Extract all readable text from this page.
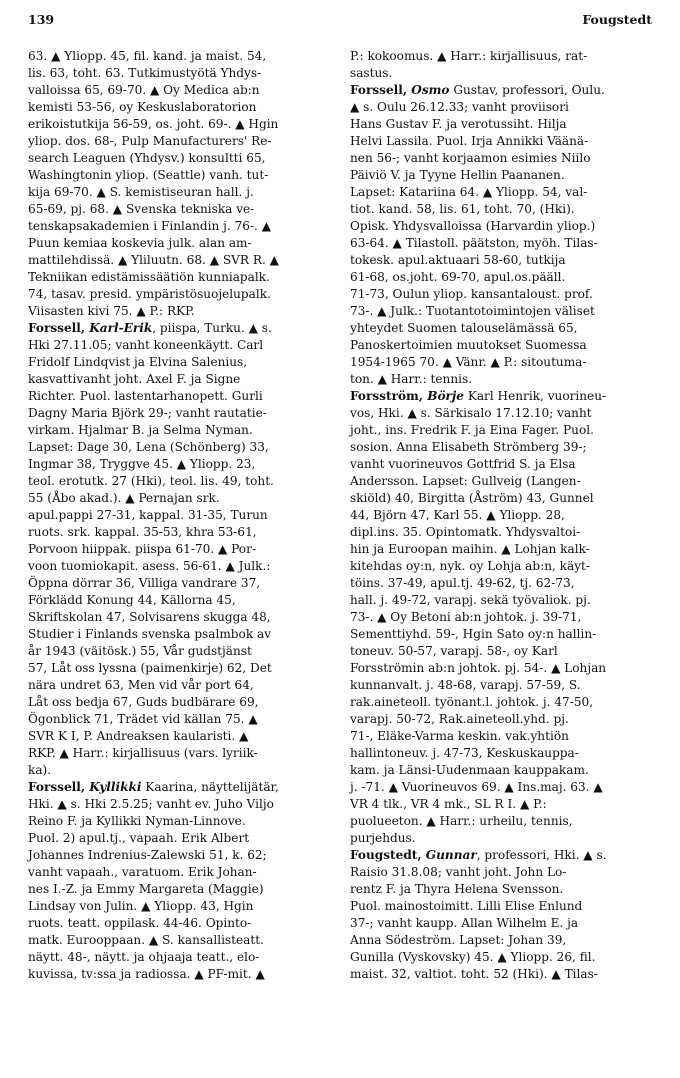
139	Fougstedt
63. ▲ Yliopp. 45, fil. kand. ja maist. 54,
lis. 63, toht. 63. Tutkimustyötä Yhdys-
valloissa 65, 69-70. ▲ Oy Medica ab:n
kemisti 53-56, oy Keskuslaboratorion
erikoistutkija 56-59, os. joht. 69-. ▲ Hgin
yliop. dos. 68-, Pulp Manufacturers' Re-
search Leaguen (Yhdysv.) konsultti 65,
Washingtonin yliop. (Seattle) vanh. tut-
kija 69-70. ▲ S. kemistiseuran hall. j.
65-69, pj. 68. ▲ Svenska tekniska ve-
tenskapsakademien i Finlandin j. 76-. ▲
Puun kemiaa koskevia julk. alan am-
mattilehdissä. ▲ Yliluutn. 68. ▲ SVR R. ▲
Tekniikan edistämissäätiön kunniapalk.
74, tasav. presid. ympäristösuojelupalk.
Viisasten kivi 75. ▲ P.: RKP.
Forssell, Karl-Erik, piispa, Turku. ▲ s.
Hki 27.11.05; vanht koneenkäytt. Carl
Fridolf Lindqvist ja Elvina Salenius,
kasvattivanht joht. Axel F. ja Signe
Richter. Puol. lastentarhanopett. Gurli
Dagny Maria Björk 29-; vanht rautatie-
virkam. Hjalmar B. ja Selma Nyman.
Lapset: Dage 30, Lena (Schönberg) 33,
Ingmar 38, Tryggve 45. ▲ Yliopp. 23,
teol. erotutk. 27 (Hki), teol. lis. 49, toht.
55 (Åbo akad.). ▲ Pernajan srk.
apul.pappi 27-31, kappal. 31-35, Turun
ruots. srk. kappal. 35-53, khra 53-61,
Porvoon hiippak. piispa 61-70. ▲ Por-
voon tuomiokapit. asess. 56-61. ▲ Julk.:
Öppna dörrar 36, Villiga vandrare 37,
Förklädd Konung 44, Källorna 45,
Skriftskolan 47, Solvisarens skugga 48,
Studier i Finlands svenska psalmbok av
år 1943 (väitösk.) 55, Vår gudstjänst
57, Låt oss lyssna (paimenkirje) 62, Det
nära undret 63, Men vid vår port 64,
Låt oss bedja 67, Guds budbärare 69,
Ögonblick 71, Trädet vid källan 75. ▲
SVR K I, P. Andreaksen kaularisti. ▲
RKP. ▲ Harr.: kirjallisuus (vars. lyriik-
ka).
Forssell, Kyllikki Kaarina, näyttelijätär,
Hki. ▲ s. Hki 2.5.25; vanht ev. Juho Viljo
Reino F. ja Kyllikki Nyman-Linnove.
Puol. 2) apul.tj., vapaah. Erik Albert
Johannes Indrenius-Zalewski 51, k. 62;
vanht vapaah., varatuom. Erik Johan-
nes I.-Z. ja Emmy Margareta (Maggie)
Lindsay von Julin. ▲ Yliopp. 43, Hgin
ruots. teatt. oppilask. 44-46. Opinto-
matk. Eurooppaan. ▲ S. kansallisteatt.
näytt. 48-, näytt. ja ohjaaja teatt., elo-
kuvissa, tv:ssa ja radiossa. ▲ PF-mit. ▲
P.: kokoomus. ▲ Harr.: kirjallisuus, rat-
sastus.
Forssell, Osmo Gustav, professori, Oulu.
▲ s. Oulu 26.12.33; vanht proviisori
Hans Gustav F. ja verotussiht. Hilja
Helvi Lassila. Puol. Irja Annikki Väänä-
nen 56-; vanht korjaamon esimies Niilo
Päiviö V. ja Tyyne Hellin Paananen.
Lapset: Katariina 64. ▲ Yliopp. 54, val-
tiot. kand. 58, lis. 61, toht. 70, (Hki).
Opisk. Yhdysvalloissa (Harvardin yliop.)
63-64. ▲ Tilastoll. päätston, myöh. Tilas-
tokesk. apul.aktuaari 58-60, tutkija
61-68, os.joht. 69-70, apul.os.pääll.
71-73, Oulun yliop. kansantaloust. prof.
73-. ▲ Julk.: Tuotantotoimintojen väliset
yhteydet Suomen talouselämässä 65,
Panoskertoimien muutokset Suomessa
1954-1965 70. ▲ Vänr. ▲ P.: sitoutuma-
ton. ▲ Harr.: tennis.
Forsström, Börje Karl Henrik, vuorineu-
vos, Hki. ▲ s. Särkisalo 17.12.10; vanht
joht., ins. Fredrik F. ja Eina Fager. Puol.
sosion. Anna Elisabeth Strömberg 39-;
vanht vuorineuvos Gottfrid S. ja Elsa
Andersson. Lapset: Gullveig (Langen-
skiöld) 40, Birgitta (Åström) 43, Gunnel
44, Björn 47, Karl 55. ▲ Yliopp. 28,
dipl.ins. 35. Opintomatk. Yhdysvaltoi-
hin ja Euroopan maihin. ▲ Lohjan kalk-
kitehdas oy:n, nyk. oy Lohja ab:n, käyt-
töins. 37-49, apul.tj. 49-62, tj. 62-73,
hall. j. 49-72, varapj. sekä työvaliok. pj.
73-. ▲ Oy Betoni ab:n johtok. j. 39-71,
Sementtiyhd. 59-, Hgin Sato oy:n hallin-
toneuv. 50-57, varapj. 58-, oy Karl
Forsströmin ab:n johtok. pj. 54-. ▲ Lohjan
kunnanvalt. j. 48-68, varapj. 57-59, S.
rak.aineteoll. työnant.l. johtok. j. 47-50,
varapj. 50-72, Rak.aineteoll.yhd. pj.
71-, Eläke-Varma keskin. vak.yhtiön
hallintoneuv. j. 47-73, Keskuskauppa-
kam. ja Länsi-Uudenmaan kauppakam.
j. -71. ▲ Vuorineuvos 69. ▲ Ins.maj. 63. ▲
VR 4 tlk., VR 4 mk., SL R I. ▲ P.:
puolueeton. ▲ Harr.: urheilu, tennis,
purjehdus.
Fougstedt, Gunnar, professori, Hki. ▲ s.
Raisio 31.8.08; vanht joht. John Lo-
rentz F. ja Thyra Helena Svensson.
Puol. mainostoimitt. Lilli Elise Enlund
37-; vanht kaupp. Allan Wilhelm E. ja
Anna Södeström. Lapset: Johan 39,
Gunilla (Vyskovsky) 45. ▲ Yliopp. 26, fil.
maist. 32, valtiot. toht. 52 (Hki). ▲ Tilas-
